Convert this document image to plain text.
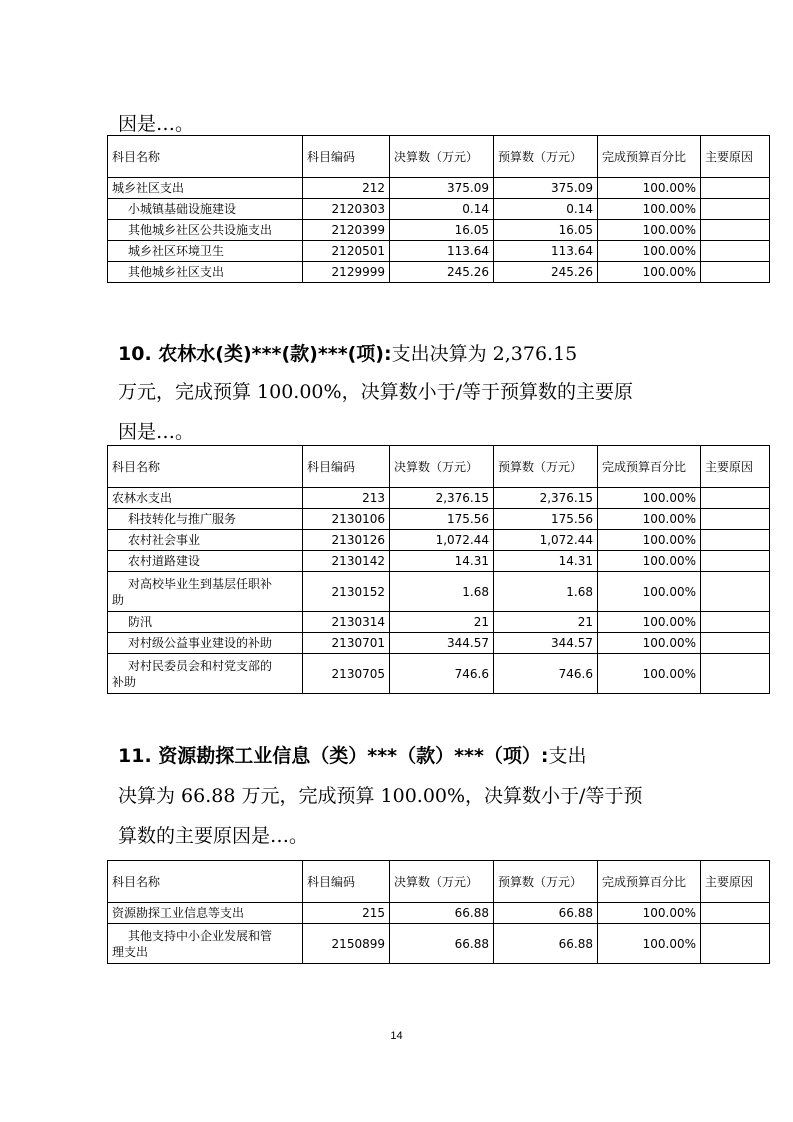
因是…。
科目名称	科目编码	决算数（万元）	预算数（万元）	完成预算百分比	主要原因
城乡社区支出	212	375.09	375.09	100.00%	
小城镇基础设施建设	2120303	0.14	0.14	100.00%	
其他城乡社区公共设施支出	2120399	16.05	16.05	100.00%	
城乡社区环境卫生	2120501	113.64	113.64	100.00%	
其他城乡社区支出	2129999	245.26	245.26	100.00%	
10. 农林水(类)***(款)***(项):支出决算为 2,376.15
万元，完成预算 100.00%，决算数小于/等于预算数的主要原
因是…。
科目名称	科目编码	决算数（万元）	预算数（万元）	完成预算百分比	主要原因
农林水支出	213	2,376.15	2,376.15	100.00%	
科技转化与推广服务	2130106	175.56	175.56	100.00%	
农村社会事业	2130126	1,072.44	1,072.44	100.00%	
农村道路建设	2130142	14.31	14.31	100.00%	

对高校毕业生到基层任职补
助	2130152	1.68	1.68	100.00%	
防汛	2130314	21	21	100.00%	
对村级公益事业建设的补助	2130701	344.57	344.57	100.00%	

对村民委员会和村党支部的
补助	2130705	746.6	746.6	100.00%	
11. 资源勘探工业信息（类）***（款）***（项）:支出
决算为 66.88 万元，完成预算 100.00%，决算数小于/等于预
算数的主要原因是…。
科目名称	科目编码	决算数（万元）	预算数（万元）	完成预算百分比	主要原因
资源勘探工业信息等支出	215	66.88	66.88	100.00%	

其他支持中小企业发展和管
理支出	2150899	66.88	66.88	100.00%	
14
